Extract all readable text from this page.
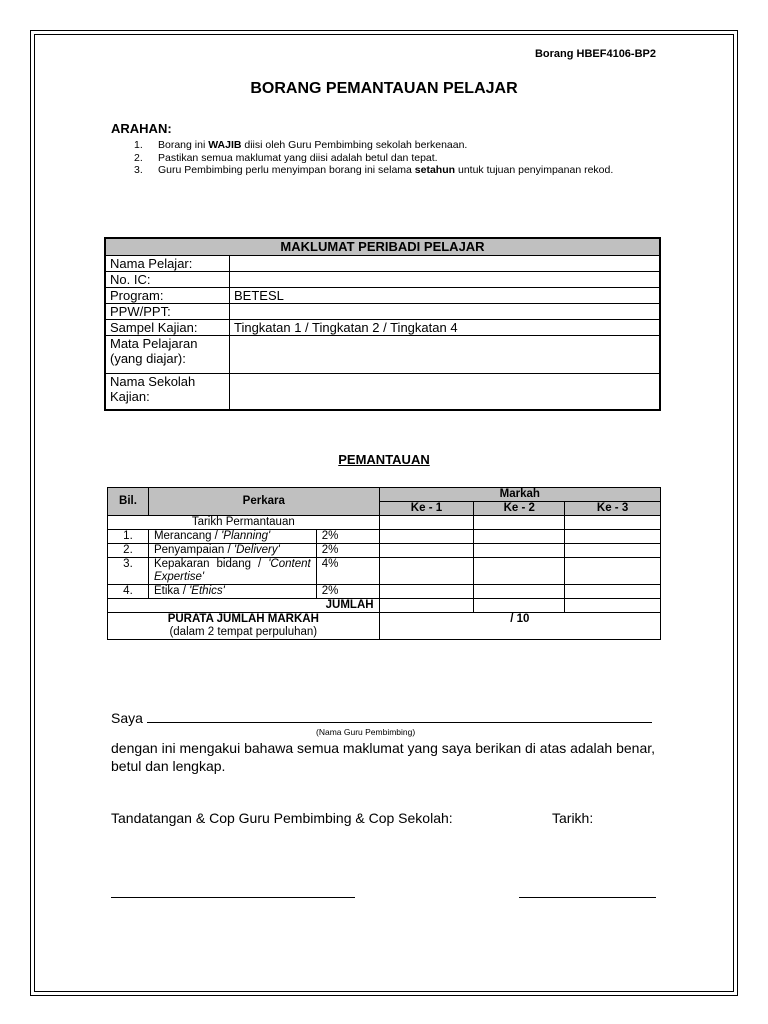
Borang HBEF4106-BP2
BORANG PEMANTAUAN PELAJAR
ARAHAN:
1.	Borang ini WAJIB diisi oleh Guru Pembimbing sekolah berkenaan.
2.	Pastikan semua maklumat yang diisi adalah betul dan tepat.
3.	Guru Pembimbing perlu menyimpan borang ini selama setahun untuk tujuan penyimpanan rekod.
MAKLUMAT PERIBADI PELAJAR	
Nama Pelajar:	
No. IC:	
Program:	BETESL
PPW/PPT:	
Sampel Kajian:	Tingkatan 1 / Tingkatan 2 / Tingkatan 4
Mata Pelajaran (yang diajar):	
Nama Sekolah Kajian:	
PEMANTAUAN
Bil.	Perkara		Markah		
			Ke - 1	Ke - 2	Ke - 3
Tarikh Permantauan					
1.	Merancang / 'Planning'	2%			
2.	Penyampaian / 'Delivery'	2%			
3.	Kepakaran bidang / 'Content Expertise'	4%			
4.	Etika / 'Ethics'	2%			
JUMLAH					

PURATA JUMLAH MARKAH
(dalam 2 tempat perpuluhan)			/ 10		
Saya
(Nama Guru Pembimbing)
dengan ini mengakui bahawa semua maklumat yang saya berikan di atas adalah benar, betul dan lengkap.
Tandatangan & Cop Guru Pembimbing & Cop Sekolah:	Tarikh:
